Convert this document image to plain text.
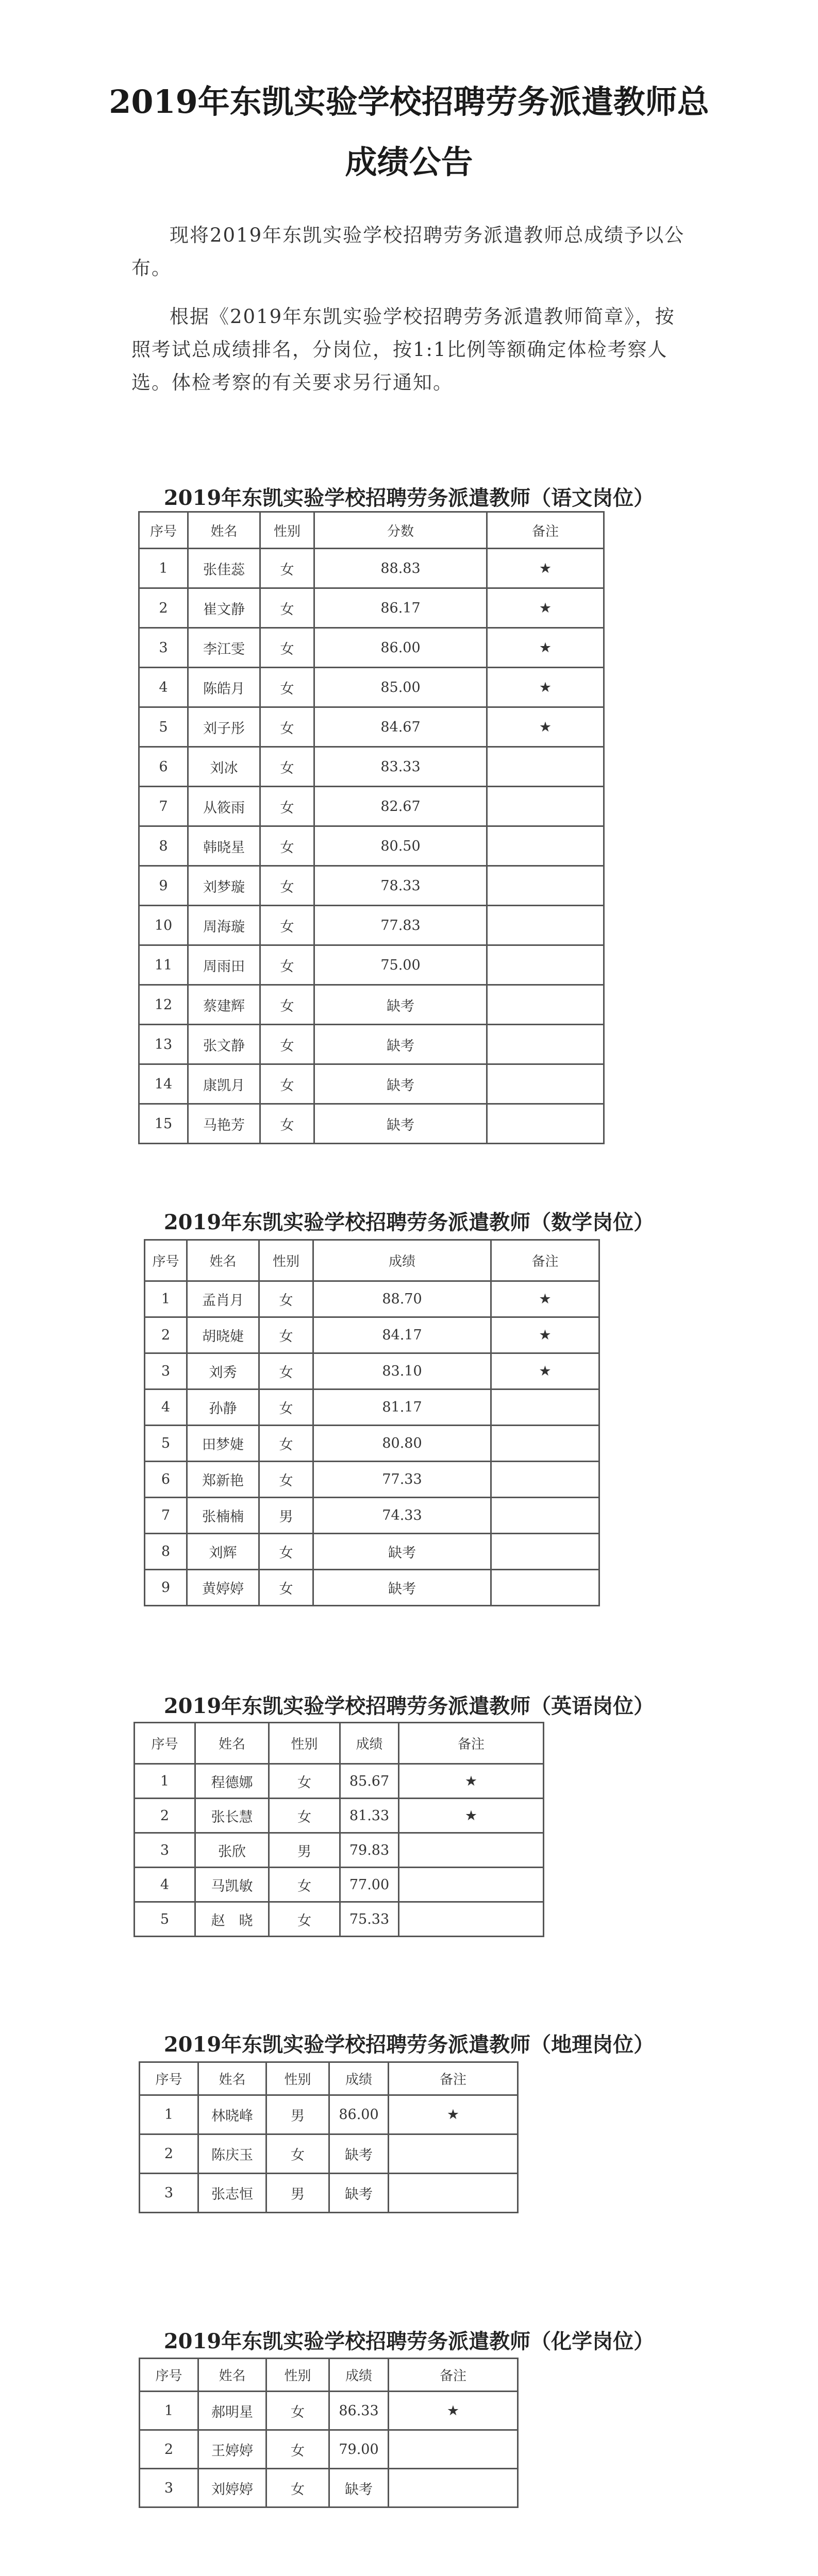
2019年东凯实验学校招聘劳务派遣教师总
成绩公告
现将2019年东凯实验学校招聘劳务派遣教师总成绩予以公布。
根据《2019年东凯实验学校招聘劳务派遣教师简章》，按照考试总成绩排名，分岗位，按1:1比例等额确定体检考察人选。体检考察的有关要求另行通知。
2019年东凯实验学校招聘劳务派遣教师（语文岗位）
序号	姓名	性别	分数	备注
1	张佳蕊	女	88.83	★
2	崔文静	女	86.17	★
3	李江雯	女	86.00	★
4	陈皓月	女	85.00	★
5	刘子彤	女	84.67	★
6	刘冰	女	83.33	
7	从筱雨	女	82.67	
8	韩晓星	女	80.50	
9	刘梦璇	女	78.33	
10	周海璇	女	77.83	
11	周雨田	女	75.00	
12	蔡建辉	女	缺考	
13	张文静	女	缺考	
14	康凯月	女	缺考	
15	马艳芳	女	缺考	
2019年东凯实验学校招聘劳务派遣教师（数学岗位）
序号	姓名	性别	成绩	备注
1	孟肖月	女	88.70	★
2	胡晓婕	女	84.17	★
3	刘秀	女	83.10	★
4	孙静	女	81.17	
5	田梦婕	女	80.80	
6	郑新艳	女	77.33	
7	张楠楠	男	74.33	
8	刘辉	女	缺考	
9	黄婷婷	女	缺考	
2019年东凯实验学校招聘劳务派遣教师（英语岗位）
序号	姓名	性别	成绩	备注
1	程德娜	女	85.67	★
2	张长慧	女	81.33	★
3	张欣	男	79.83	
4	马凯敏	女	77.00	
5	赵　晓	女	75.33	
2019年东凯实验学校招聘劳务派遣教师（地理岗位）
序号	姓名	性别	成绩	备注
1	林晓峰	男	86.00	★
2	陈庆玉	女	缺考	
3	张志恒	男	缺考	
2019年东凯实验学校招聘劳务派遣教师（化学岗位）
序号	姓名	性别	成绩	备注
1	郝明星	女	86.33	★
2	王婷婷	女	79.00	
3	刘婷婷	女	缺考	
